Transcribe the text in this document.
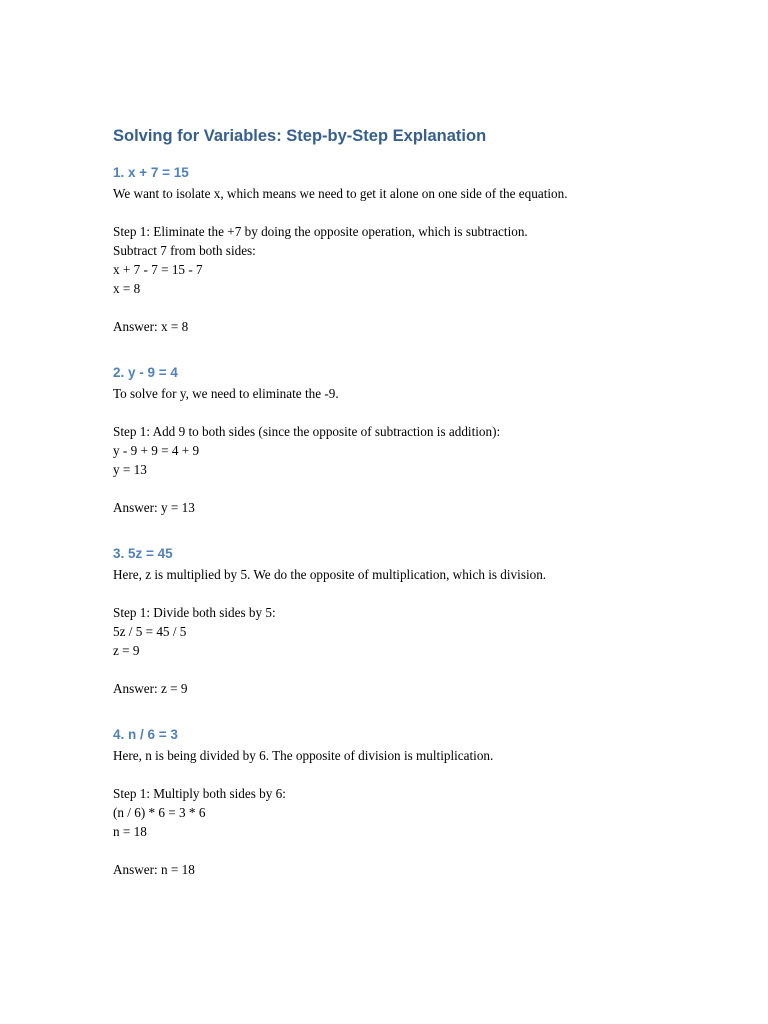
Solving for Variables: Step-by-Step Explanation
1. x + 7 = 15
We want to isolate x, which means we need to get it alone on one side of the equation.
Step 1: Eliminate the +7 by doing the opposite operation, which is subtraction.
Subtract 7 from both sides:
x + 7 - 7 = 15 - 7
x = 8
Answer: x = 8
2. y - 9 = 4
To solve for y, we need to eliminate the -9.
Step 1: Add 9 to both sides (since the opposite of subtraction is addition):
y - 9 + 9 = 4 + 9
y = 13
Answer: y = 13
3. 5z = 45
Here, z is multiplied by 5. We do the opposite of multiplication, which is division.
Step 1: Divide both sides by 5:
5z / 5 = 45 / 5
z = 9
Answer: z = 9
4. n / 6 = 3
Here, n is being divided by 6. The opposite of division is multiplication.
Step 1: Multiply both sides by 6:
(n / 6) * 6 = 3 * 6
n = 18
Answer: n = 18
